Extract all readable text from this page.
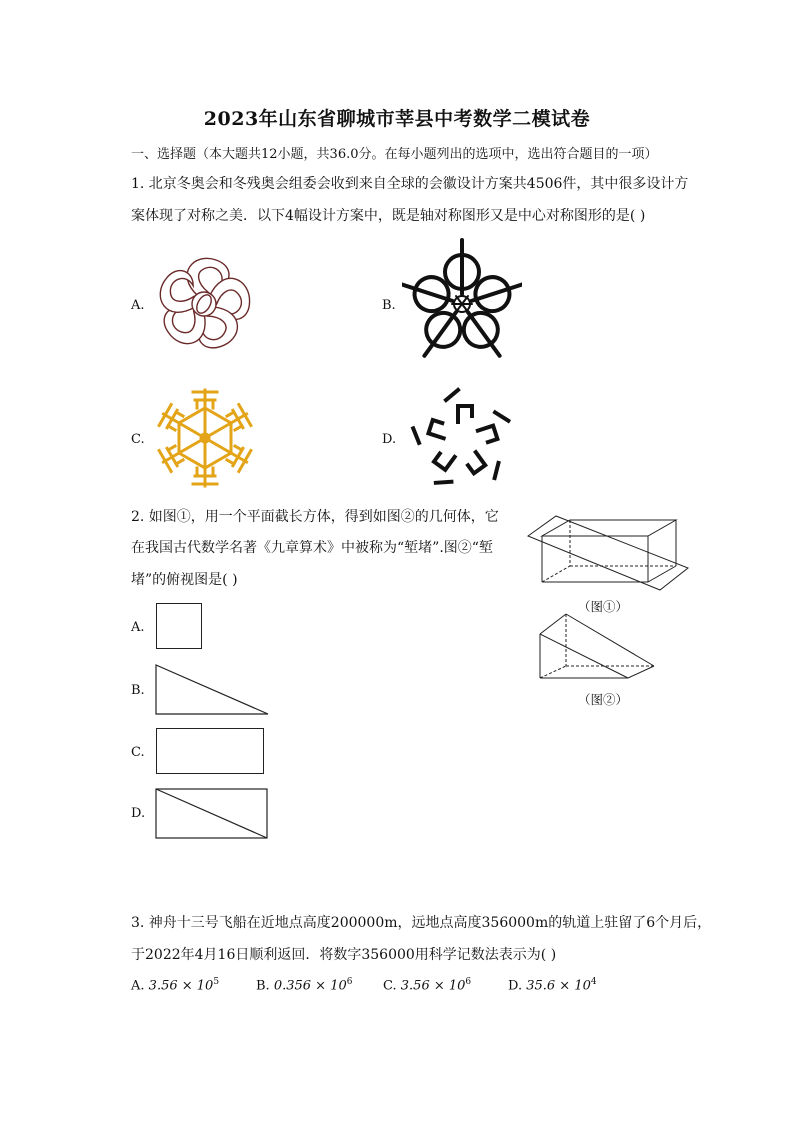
2023年山东省聊城市莘县中考数学二模试卷
一、选择题（本大题共12小题，共36.0分。在每小题列出的选项中，选出符合题目的一项）
1. 北京冬奥会和冬残奥会组委会收到来自全球的会徽设计方案共4506件，其中很多设计方
案体现了对称之美．以下4幅设计方案中，既是轴对称图形又是中心对称图形的是( )
A.	B.
C.	D.
2. 如图①，用一个平面截长方体，得到如图②的几何体，它
在我国古代数学名著《九章算术》中被称为“堑堵”.图②“堑
堵”的俯视图是( )
（图①）
（图②）
A.
B.
C.
D.
3. 神舟十三号飞船在近地点高度200000m，远地点高度356000m的轨道上驻留了6个月后，
于2022年4月16日顺利返回．将数字356000用科学记数法表示为( )
A. $3.56 \times 10^5$	B. $0.356 \times 10^6$ C. $3.56 \times 10^6$	D. $35.6 \times 10^4$
